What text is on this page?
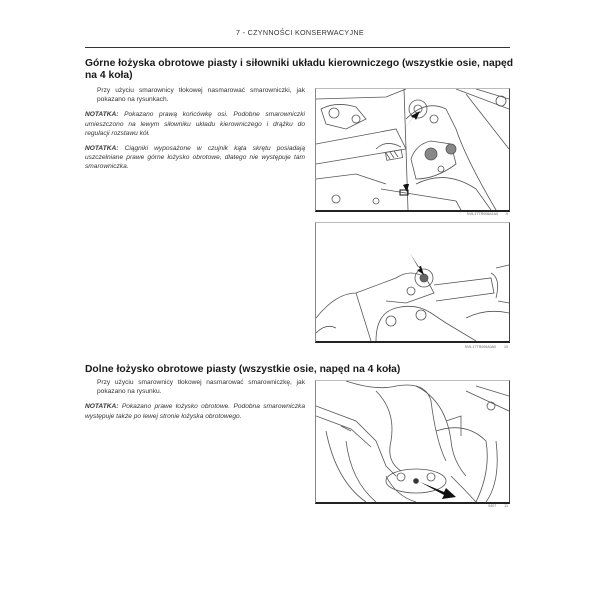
7 - CZYNNOŚCI KONSERWACYJNE
Górne łożyska obrotowe piasty i siłowniki układu kierowniczego (wszystkie osie, napęd na 4 koła)
Przy użyciu smarownicy tłokowej nasmarować smarowniczki, jak pokazano na rysunkach.
NOTATKA: Pokazano prawą końcówkę osi. Podobne smarowniczki umieszczono na lewym siłowniku układu kierowniczego i drążku do regulacji rozstawu kół.
NOTATKA: Ciągniki wyposażone w czujnik kąta skrętu posiadają uszczelniane prawe górne łożysko obrotowe, dlatego nie występuje tam smarowniczka.
SVIL17TR006A1A0 9
SVIL17TR006A0A0 10
Dolne łożysko obrotowe piasty (wszystkie osie, napęd na 4 koła)
Przy użyciu smarownicy tłokowej nasmarować smarowniczkę, jak pokazano na rysunku.
NOTATKA: Pokazano prawe łożysko obrotowe. Podobna smarowniczka występuje także po lewej stronie łożyska obrotowego.
9407 11
